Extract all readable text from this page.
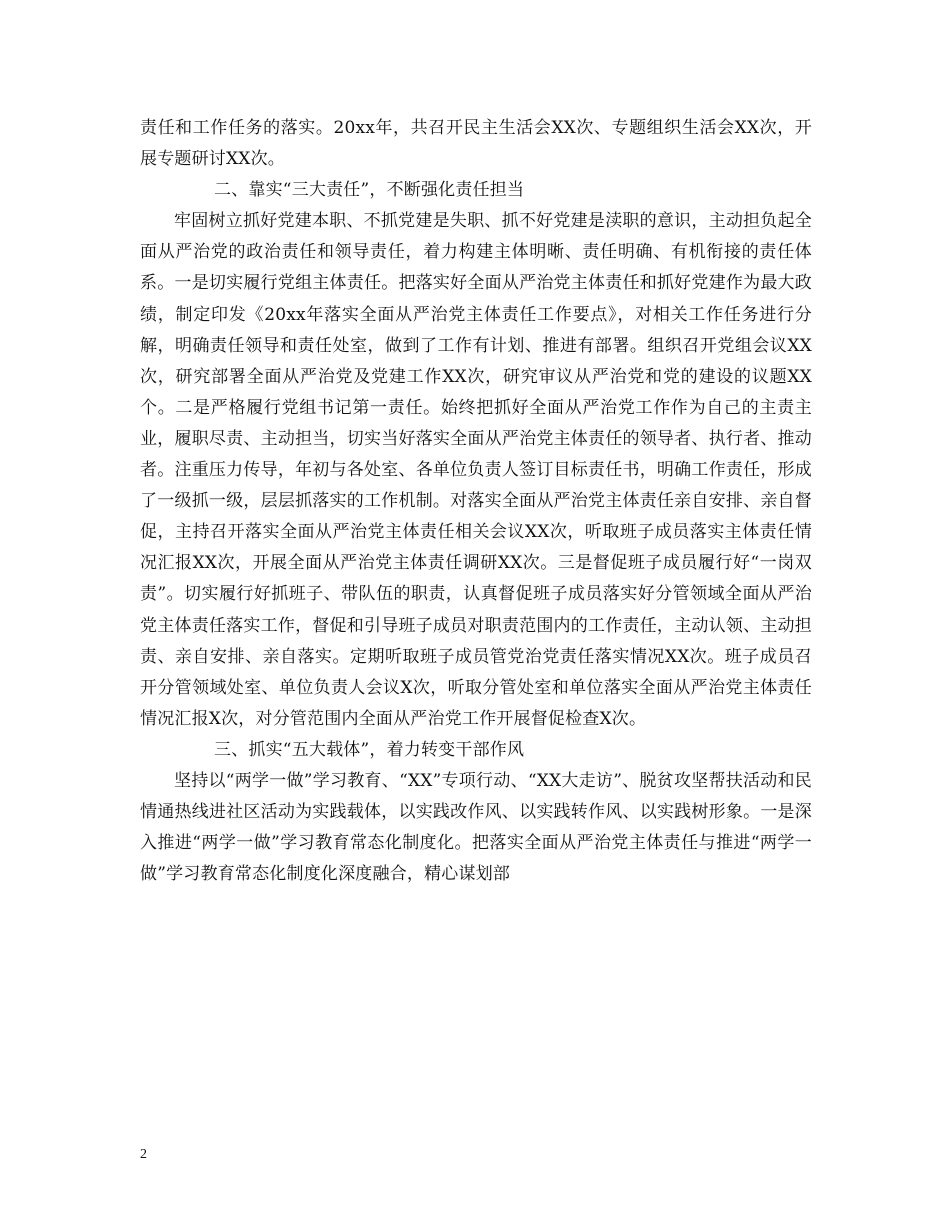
责任和工作任务的落实。20xx年，共召开民主生活会XX次、专题组织生活会XX次，开展专题研讨XX次。

二、靠实“三大责任”，不断强化责任担当

牢固树立抓好党建本职、不抓党建是失职、抓不好党建是渎职的意识，主动担负起全面从严治党的政治责任和领导责任，着力构建主体明晰、责任明确、有机衔接的责任体系。一是切实履行党组主体责任。把落实好全面从严治党主体责任和抓好党建作为最大政绩，制定印发《20xx年落实全面从严治党主体责任工作要点》，对相关工作任务进行分解，明确责任领导和责任处室，做到了工作有计划、推进有部署。组织召开党组会议XX次，研究部署全面从严治党及党建工作XX次，研究审议从严治党和党的建设的议题XX个。二是严格履行党组书记第一责任。始终把抓好全面从严治党工作作为自己的主责主业，履职尽责、主动担当，切实当好落实全面从严治党主体责任的领导者、执行者、推动者。注重压力传导，年初与各处室、各单位负责人签订目标责任书，明确工作责任，形成了一级抓一级，层层抓落实的工作机制。对落实全面从严治党主体责任亲自安排、亲自督促，主持召开落实全面从严治党主体责任相关会议XX次，听取班子成员落实主体责任情况汇报XX次，开展全面从严治党主体责任调研XX次。三是督促班子成员履行好“一岗双责”。切实履行好抓班子、带队伍的职责，认真督促班子成员落实好分管领域全面从严治党主体责任落实工作，督促和引导班子成员对职责范围内的工作责任，主动认领、主动担责、亲自安排、亲自落实。定期听取班子成员管党治党责任落实情况XX次。班子成员召开分管领域处室、单位负责人会议X次，听取分管处室和单位落实全面从严治党主体责任情况汇报X次，对分管范围内全面从严治党工作开展督促检查X次。

三、抓实“五大载体”，着力转变干部作风

坚持以“两学一做”学习教育、“XX”专项行动、“XX大走访”、脱贫攻坚帮扶活动和民情通热线进社区活动为实践载体，以实践改作风、以实践转作风、以实践树形象。一是深入推进“两学一做”学习教育常态化制度化。把落实全面从严治党主体责任与推进“两学一做”学习教育常态化制度化深度融合，精心谋划部

2
